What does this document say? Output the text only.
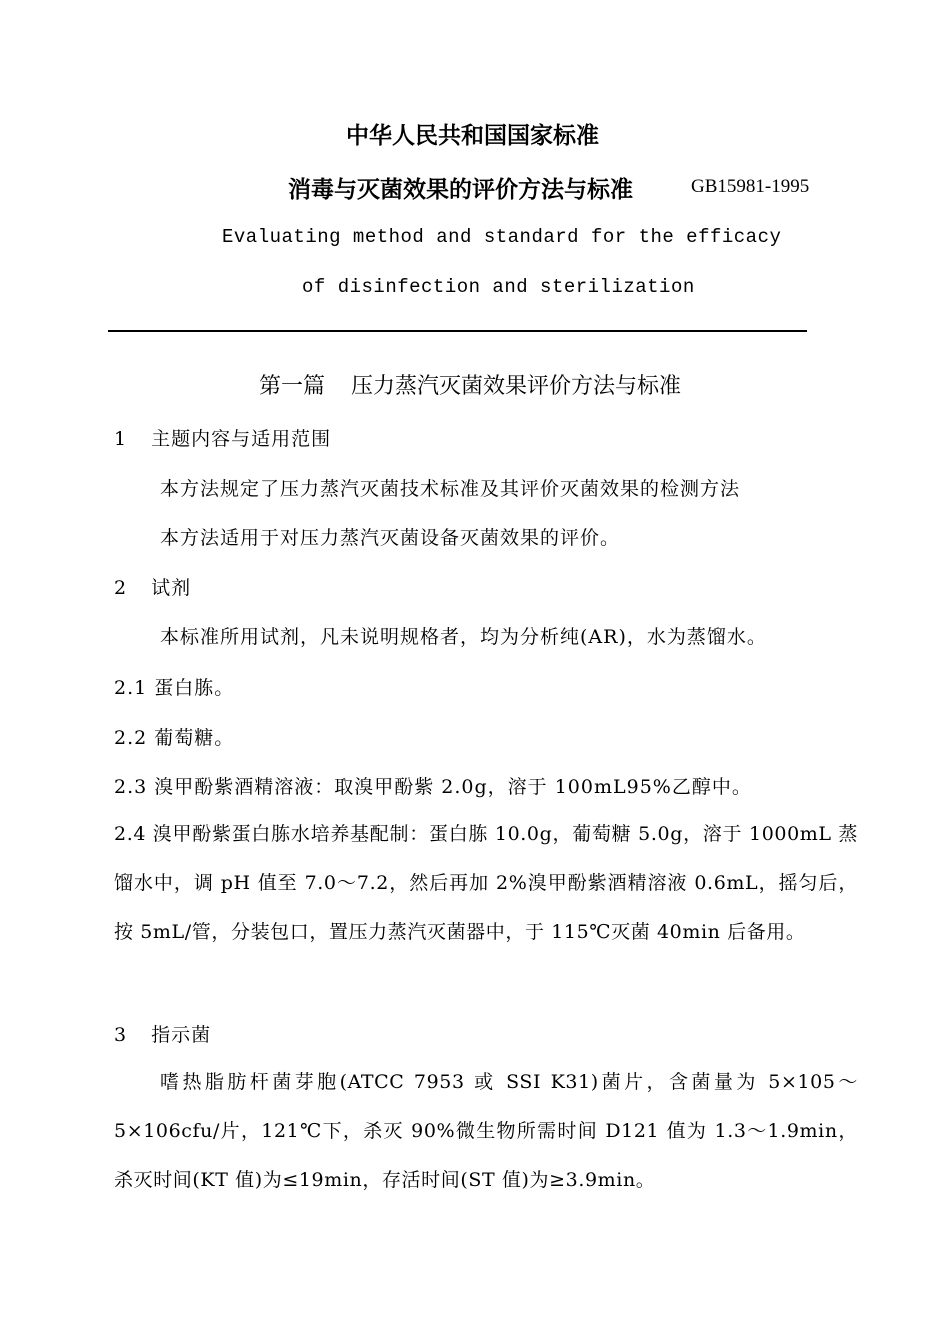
中华人民共和国国家标准
消毒与灭菌效果的评价方法与标准	GB15981-1995
Evaluating method and standard for the efficacy
of disinfection and sterilization
第一篇 压力蒸汽灭菌效果评价方法与标准
1 主题内容与适用范围
本方法规定了压力蒸汽灭菌技术标准及其评价灭菌效果的检测方法
本方法适用于对压力蒸汽灭菌设备灭菌效果的评价。
2 试剂
本标准所用试剂，凡未说明规格者，均为分析纯(AR)，水为蒸馏水。
2.1 蛋白胨。
2.2 葡萄糖。
2.3 溴甲酚紫酒精溶液：取溴甲酚紫 2.0g，溶于 100mL95%乙醇中。
2.4 溴甲酚紫蛋白胨水培养基配制：蛋白胨 10.0g，葡萄糖 5.0g，溶于 1000mL 蒸馏水中，调 pH 值至 7.0～7.2，然后再加 2%溴甲酚紫酒精溶液 0.6mL，摇匀后，按 5mL/管，分装包口，置压力蒸汽灭菌器中，于 115℃灭菌 40min 后备用。
3 指示菌
嗜热脂肪杆菌芽胞(ATCC 7953 或 SSI K31)菌片，含菌量为 5×105～5×106cfu/片，121℃下，杀灭 90%微生物所需时间 D121 值为 1.3～1.9min，杀灭时间(KT 值)为≤19min，存活时间(ST 值)为≥3.9min。
